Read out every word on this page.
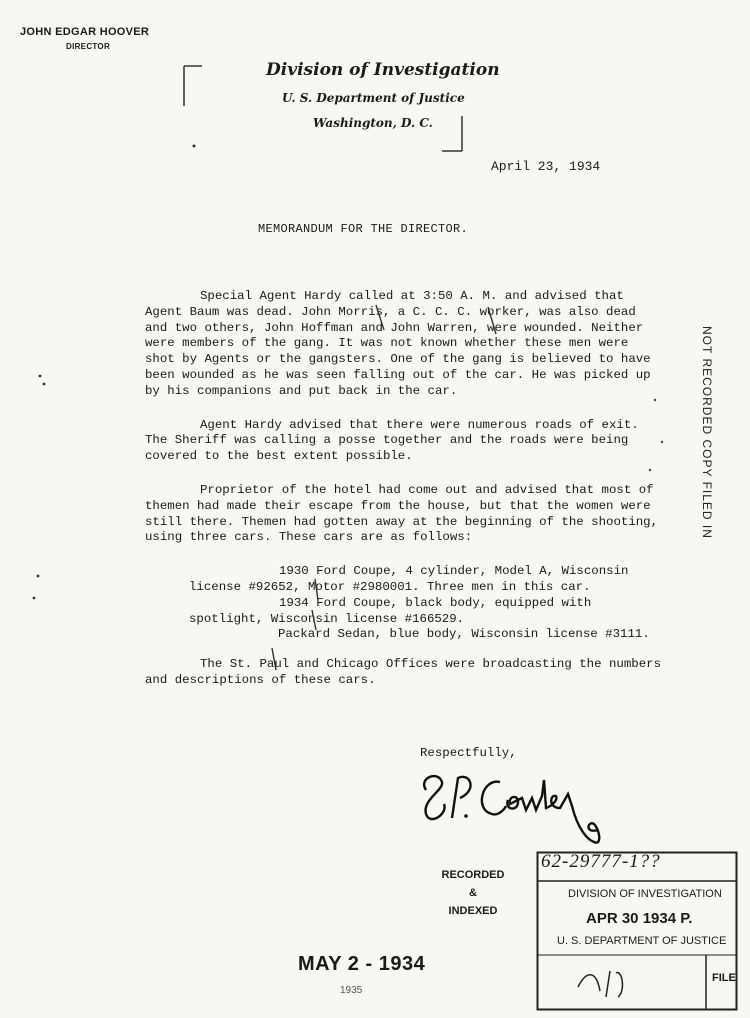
JOHN EDGAR HOOVER
DIRECTOR
Division of Investigation
U. S. Department of Justice
Washington, D. C.
April 23, 1934
MEMORANDUM FOR THE DIRECTOR.

Special Agent Hardy called at 3:50 A. M. and advised that Agent Baum was dead. John Morris, a C. C. C. worker, was also dead and two others, John Hoffman and John Warren, were wounded. Neither were members of the gang. It was not known whether these men were shot by Agents or the gangsters. One of the gang is believed to have been wounded as he was seen falling out of the car. He was picked up by his companions and put back in the car.

Agent Hardy advised that there were numerous roads of exit. The Sheriff was calling a posse together and the roads were being covered to the best extent possible.

Proprietor of the hotel had come out and advised that most of themen had made their escape from the house, but that the women were still there. Themen had gotten away at the beginning of the shooting, using three cars. These cars are as follows:

1930 Ford Coupe, 4 cylinder, Model A, Wisconsin
license #92652, Motor #2980001. Three men in this car.
1934 Ford Coupe, black body, equipped with
spotlight, Wisconsin license #166529.
Packard Sedan, blue body, Wisconsin license #3111.

The St. Paul and Chicago Offices were broadcasting the numbers and descriptions of these cars.

Respectfully,
RECORDED
&
INDEXED
MAY 2 - 1934
1935
62-29777-1??
DIVISION OF INVESTIGATION
APR 30 1934 P.
U. S. DEPARTMENT OF JUSTICE
FILE
NOT RECORDED COPY FILED IN
